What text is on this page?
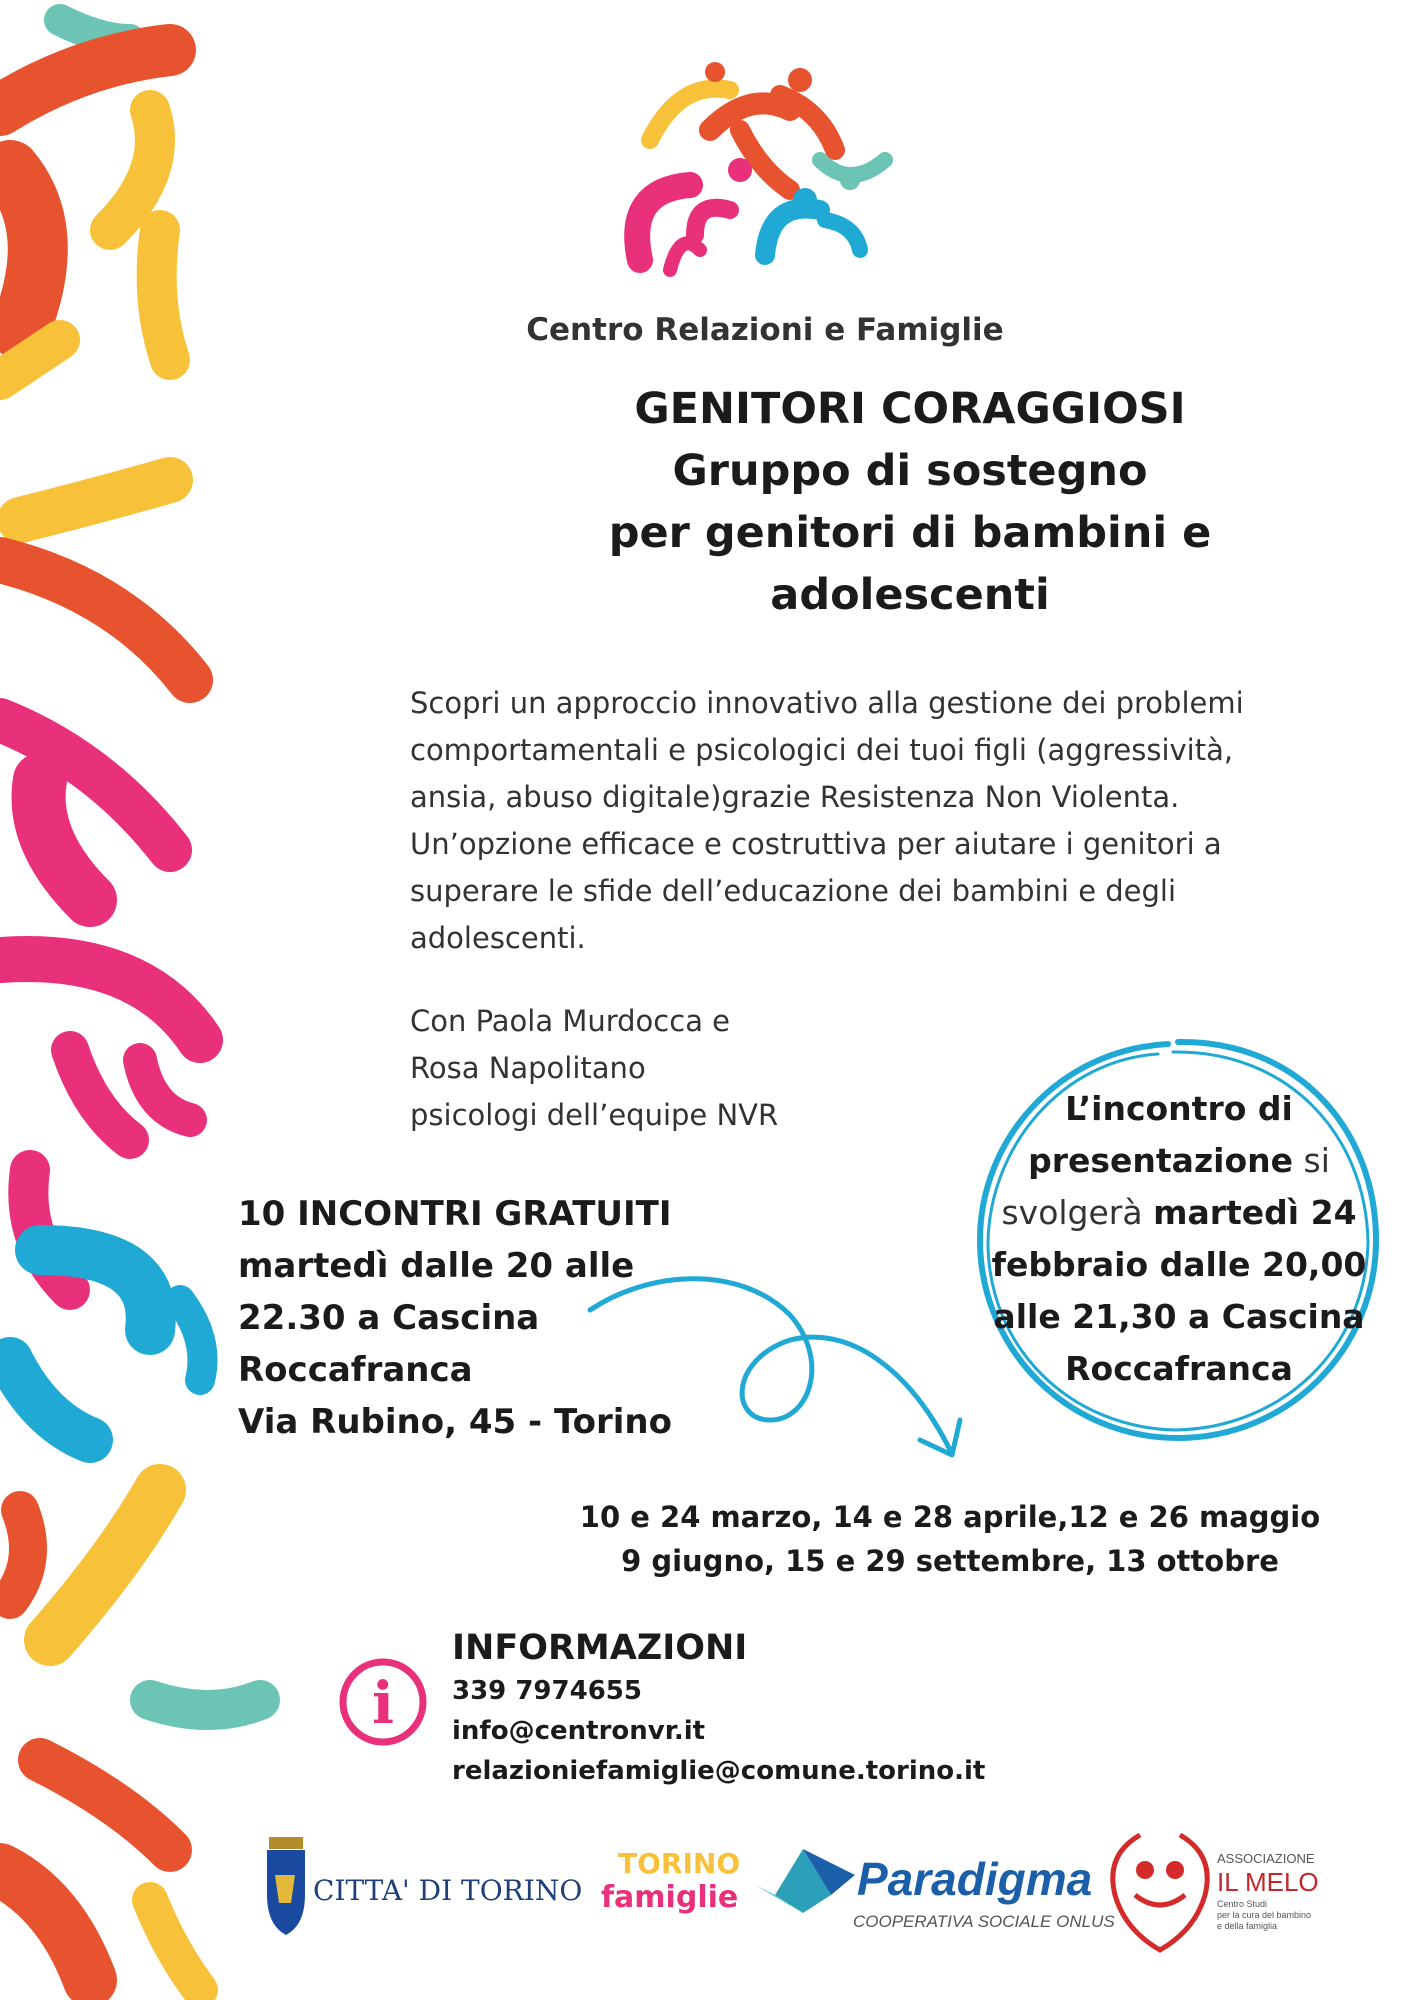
Centro Relazioni e Famiglie
GENITORI CORAGGIOSI
Gruppo di sostegno
per genitori di bambini e
adolescenti
Scopri un approccio innovativo alla gestione dei problemi
comportamentali e psicologici dei tuoi figli (aggressività,
ansia, abuso digitale)grazie Resistenza Non Violenta.
Un’opzione efficace e costruttiva per aiutare i genitori a
superare le sfide dell’educazione dei bambini e degli
adolescenti.
Con Paola Murdocca e
Rosa Napolitano
psicologi dell’equipe NVR
10 INCONTRI GRATUITI
martedì dalle 20 alle
22.30 a Cascina
Roccafranca
Via Rubino, 45 - Torino
L’incontro di
presentazione si
svolgerà martedì 24
febbraio dalle 20,00
alle 21,30 a Cascina
Roccafranca
10 e 24 marzo, 14 e 28 aprile,12 e 26 maggio
9 giugno, 15 e 29 settembre, 13 ottobre
i
INFORMAZIONI
339 7974655
info@centronvr.it
relazioniefamiglie@comune.torino.it
CITTA' DI TORINO
TORINO
famiglie	Paradigma
COOPERATIVA SOCIALE ONLUS
ASSOCIAZIONE
IL MELO
Centro Studi
per la cura del bambino
e della famiglia
